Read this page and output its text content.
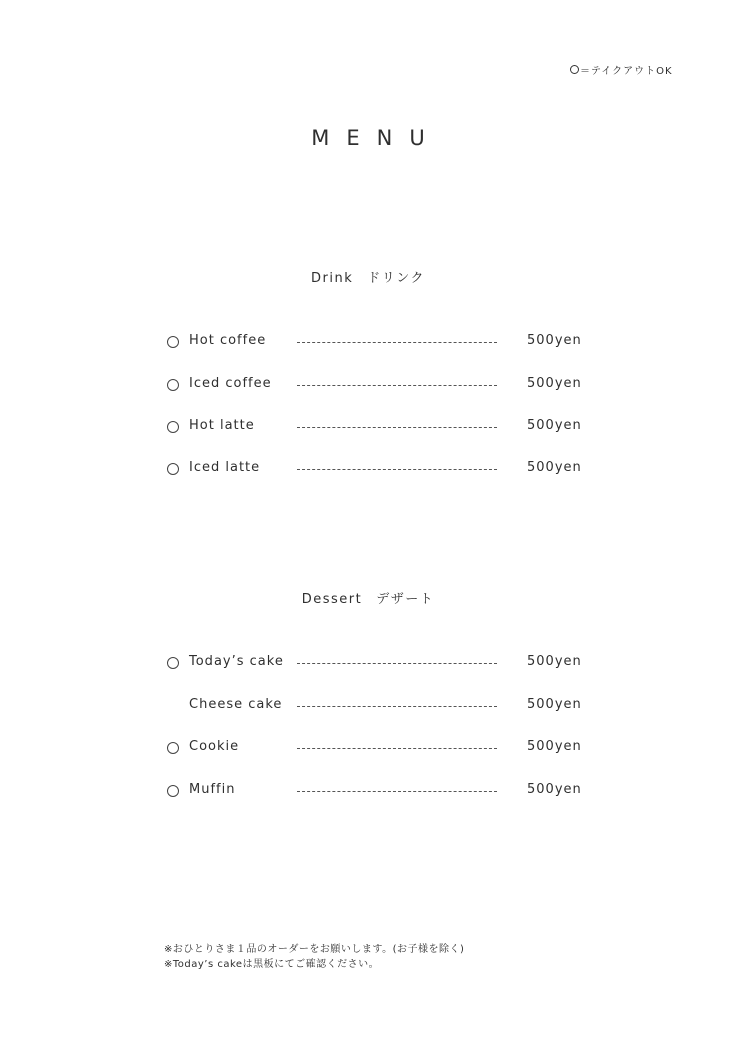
＝テイクアウトOK
MENU
Drink ドリンク
Hot coffee	500yen
Iced coffee	500yen
Hot latte	500yen
Iced latte	500yen
Dessert デザート
Today’s cake	500yen
Cheese cake	500yen
Cookie	500yen
Muffin	500yen
※おひとりさま１品のオーダーをお願いします。(お子様を除く)
※Today’s cakeは黒板にてご確認ください。
